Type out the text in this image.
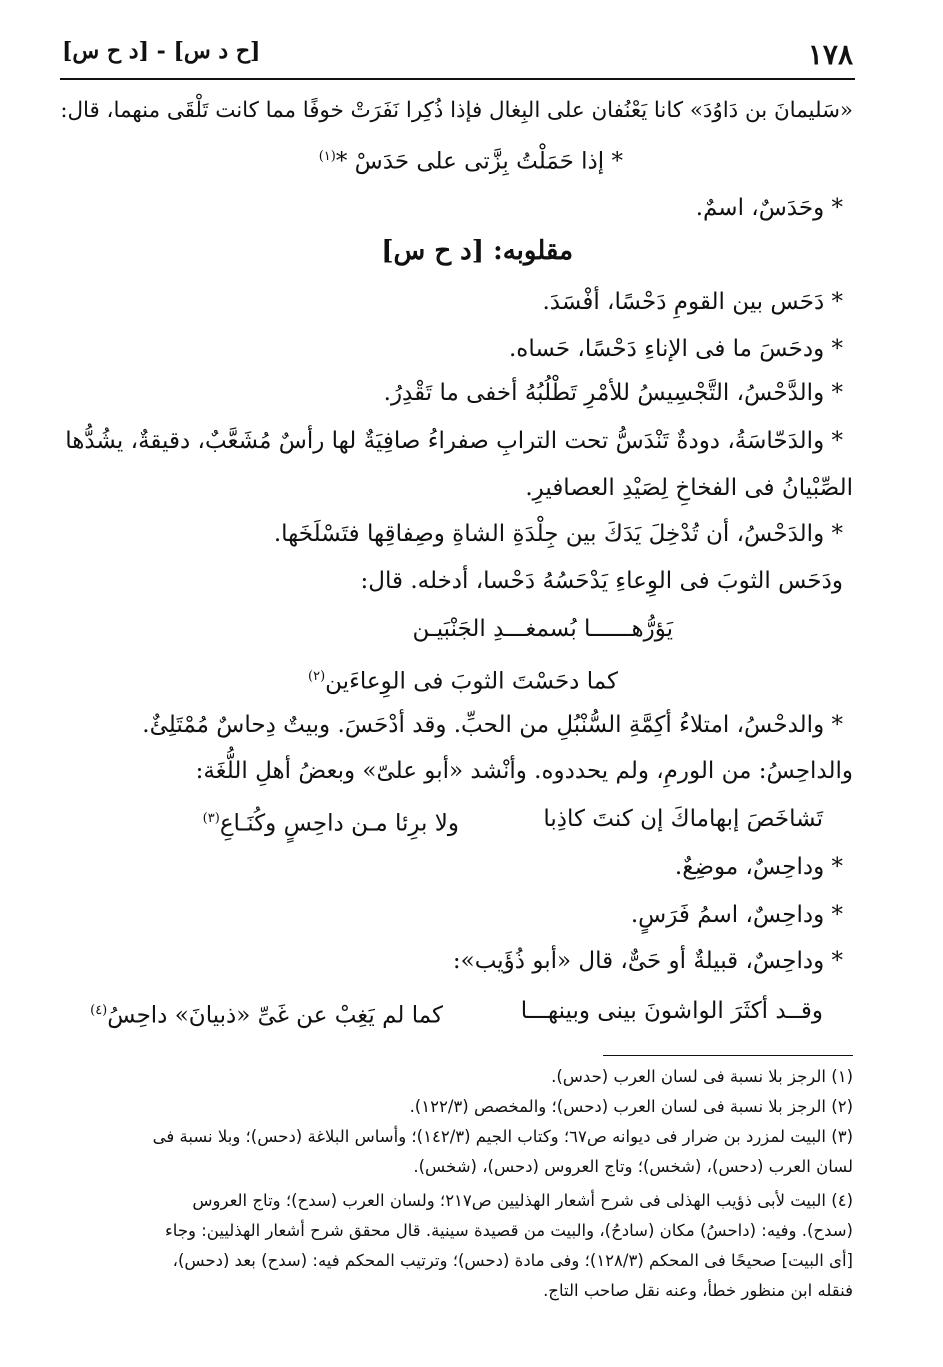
١٧٨
[ح د س] - [د ح س]
«سَليمانَ بن دَاوُدَ» كانا يَعْنُفان على البِغال فإذا ذُكِرا نَفَرَتْ خوفًا مما كانت تَلْقَى منهما، قال:
* إذا حَمَلْتُ بِزَّتى على حَدَسْ *$^{(١)}$
* وحَدَسٌ، اسمٌ.
مقلوبه: [د ح س]
* دَحَس بين القومِ دَحْسًا، أفْسَدَ.
* ودحَسَ ما فى الإناءِ دَحْسًا، حَساه.
* والدَّحْسُ، التَّجْسِيسُ للأمْرِ تَطْلُبُهُ أخفى ما تَقْدِرُ.
* والدَحّاسَةُ، دودةٌ تَنْدَسُّ تحت الترابِ صفراءُ صافِيَةٌ لها رأسٌ مُشَعَّبٌ، دقيقةٌ، يشُدُّها
الصِّبْيانُ فى الفخاخِ لِصَيْدِ العصافيرِ.
* والدَحْسُ، أن تُدْخِلَ يَدَكَ بين جِلْدَةِ الشاةِ وصِفاقِها فتَسْلَخَها.
ودَحَس الثوبَ فى الوِعاءِ يَدْحَسُهُ دَحْسا، أدخله. قال:
يَؤرُّهــــــا بُسمغـــدِ الجَنْبَيـن
كما دحَسْتَ الثوبَ فى الوِعاءَين$^{(٢)}$
* والدحْسُ، امتلاءُ أكِمَّةِ السُّنْبُلِ من الحبِّ. وقد أدْحَسَ. وبيتٌ دِحاسٌ مُمْتَلِئٌ.
والداحِسُ: من الورمِ، ولم يحددوه. وأنْشد «أبو علىّ» وبعضُ أهلِ اللُّغَة:
تَشاخَصَ إبهاماكَ إن كنتَ كاذِبا
ولا برِئا مـن داحِسٍ وكُنَـاعِ$^{(٣)}$
* وداحِسٌ، موضِعٌ.
* وداحِسٌ، اسمُ فَرَسٍ.
* وداحِسٌ، قبيلةٌ أو حَىٌّ، قال «أبو ذُؤَيب»:
وقــد أكثَرَ الواشونَ بينى وبينهـــا
كما لم يَغِبْ عن غَىِّ «ذبيانَ» داحِسُ$^{(٤)}$
(١) الرجز بلا نسبة فى لسان العرب (حدس).
(٢) الرجز بلا نسبة فى لسان العرب (دحس)؛ والمخصص (١٢٢/٣).
(٣) البيت لمزرد بن ضرار فى ديوانه ص٦٧؛ وكتاب الجيم (١٤٢/٣)؛ وأساس البلاغة (دحس)؛ وبلا نسبة فى
لسان العرب (دحس)، (شخس)؛ وتاج العروس (دحس)، (شخس).
(٤) البيت لأبى ذؤيب الهذلى فى شرح أشعار الهذليين ص٢١٧؛ ولسان العرب (سدح)؛ وتاج العروس
(سدح). وفيه: (داحسُ) مكان (سادحُ)، والبيت من قصيدة سينية. قال محقق شرح أشعار الهذليين: وجاء
[أى البيت] صحيحًا فى المحكم (١٢٨/٣)؛ وفى مادة (دحس)؛ وترتيب المحكم فيه: (سدح) بعد (دحس)،
فنقله ابن منظور خطأ، وعنه نقل صاحب التاج.
